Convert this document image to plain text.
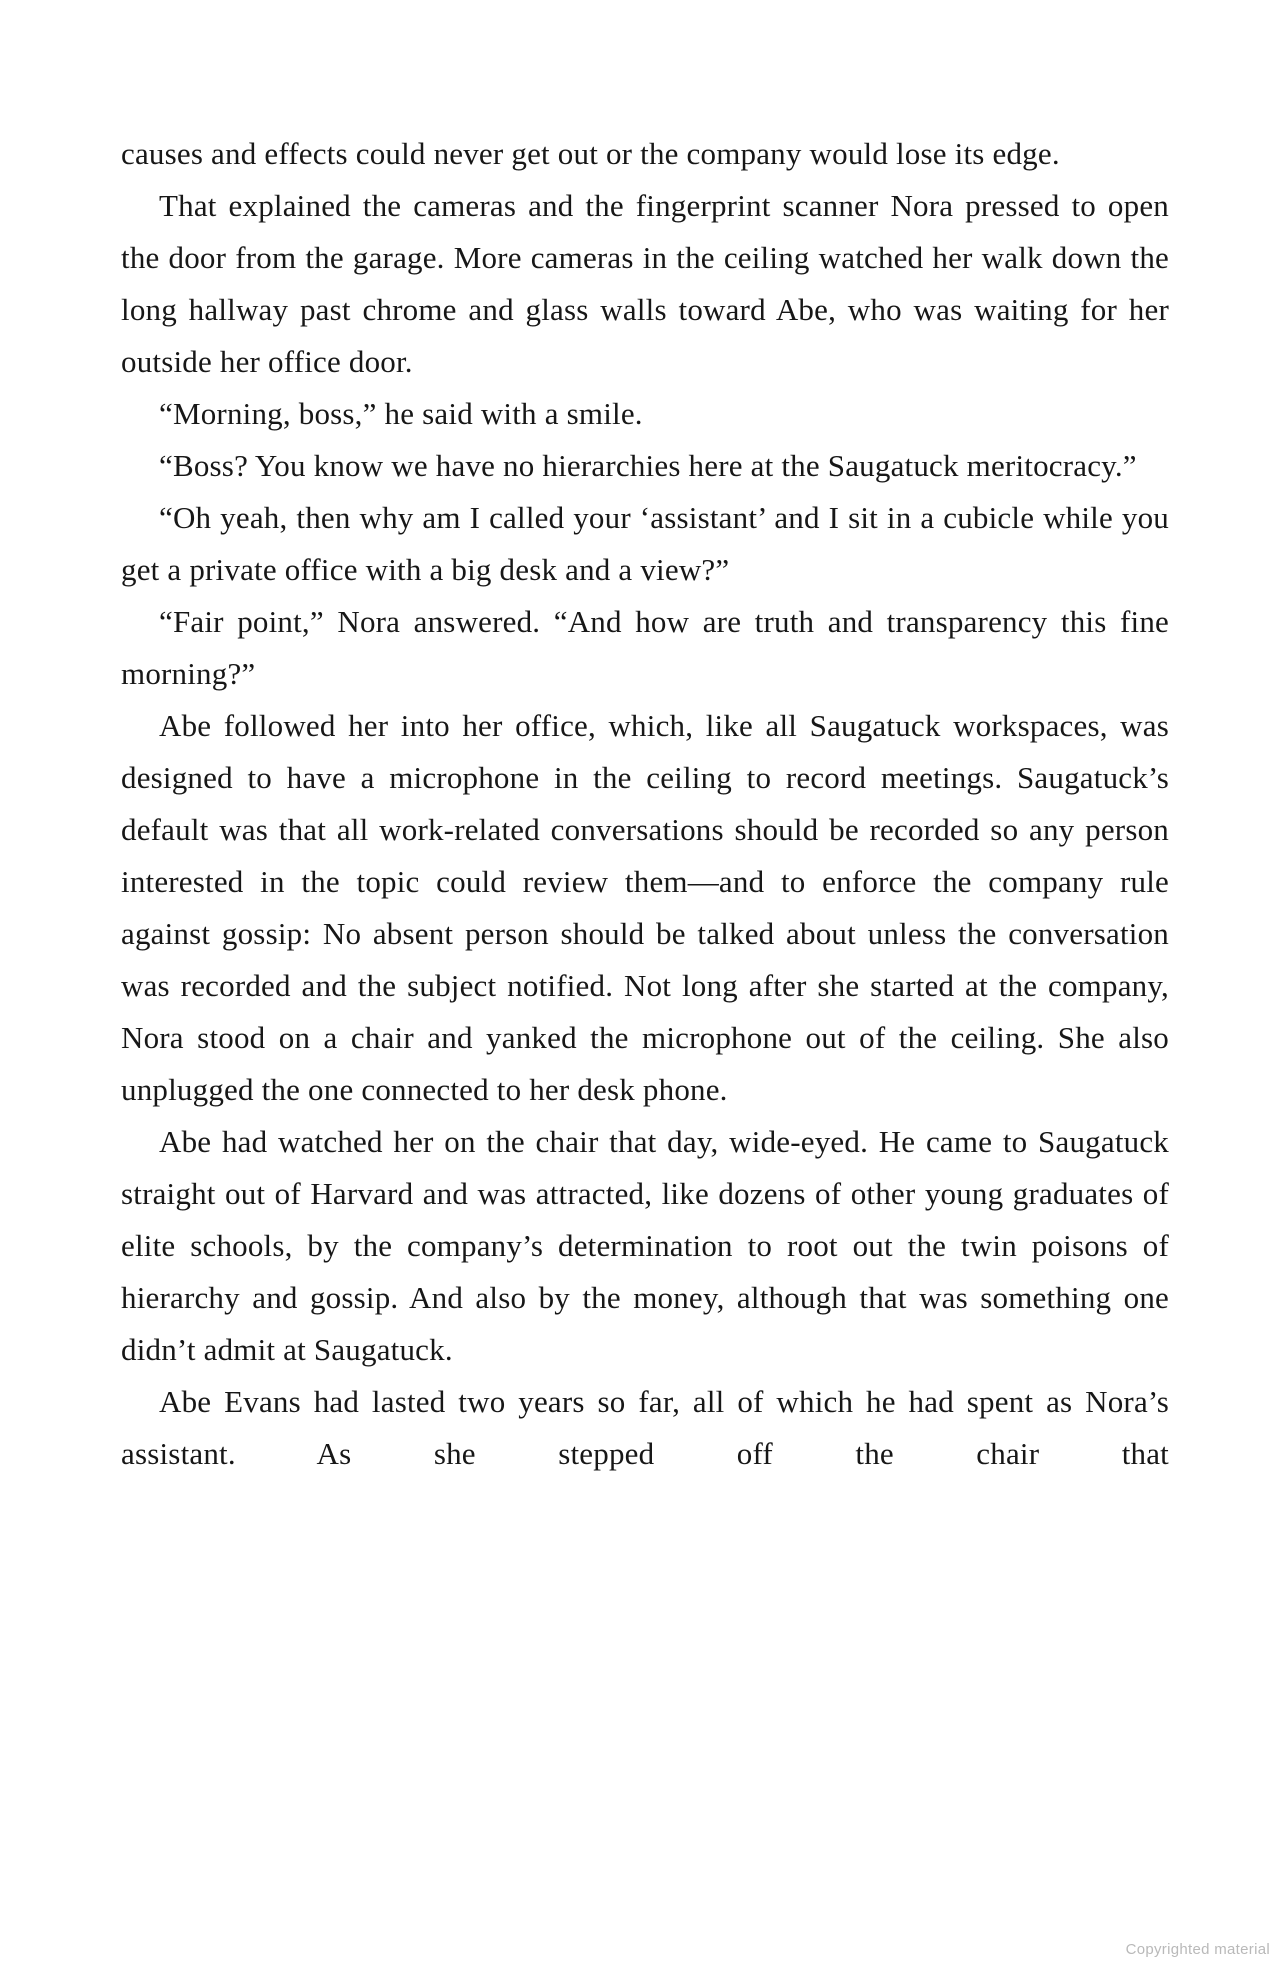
causes and effects could never get out or the company would lose its edge.

That explained the cameras and the fingerprint scanner Nora pressed to open the door from the garage. More cameras in the ceiling watched her walk down the long hallway past chrome and glass walls toward Abe, who was waiting for her outside her office door.

“Morning, boss,” he said with a smile.

“Boss? You know we have no hierarchies here at the Saugatuck meritocracy.”

“Oh yeah, then why am I called your ‘assistant’ and I sit in a cubicle while you get a private office with a big desk and a view?”

“Fair point,” Nora answered. “And how are truth and transparency this fine morning?”

Abe followed her into her office, which, like all Saugatuck workspaces, was designed to have a microphone in the ceiling to record meetings. Saugatuck’s default was that all work-related conversations should be recorded so any person interested in the topic could review them—and to enforce the company rule against gossip: No absent person should be talked about unless the conversation was recorded and the subject notified. Not long after she started at the company, Nora stood on a chair and yanked the microphone out of the ceiling. She also unplugged the one connected to her desk phone.

Abe had watched her on the chair that day, wide-eyed. He came to Saugatuck straight out of Harvard and was attracted, like dozens of other young graduates of elite schools, by the company’s determination to root out the twin poisons of hierarchy and gossip. And also by the money, although that was something one didn’t admit at Saugatuck.

Abe Evans had lasted two years so far, all of which he had spent as Nora’s assistant. As she stepped off the chair that

Copyrighted material
